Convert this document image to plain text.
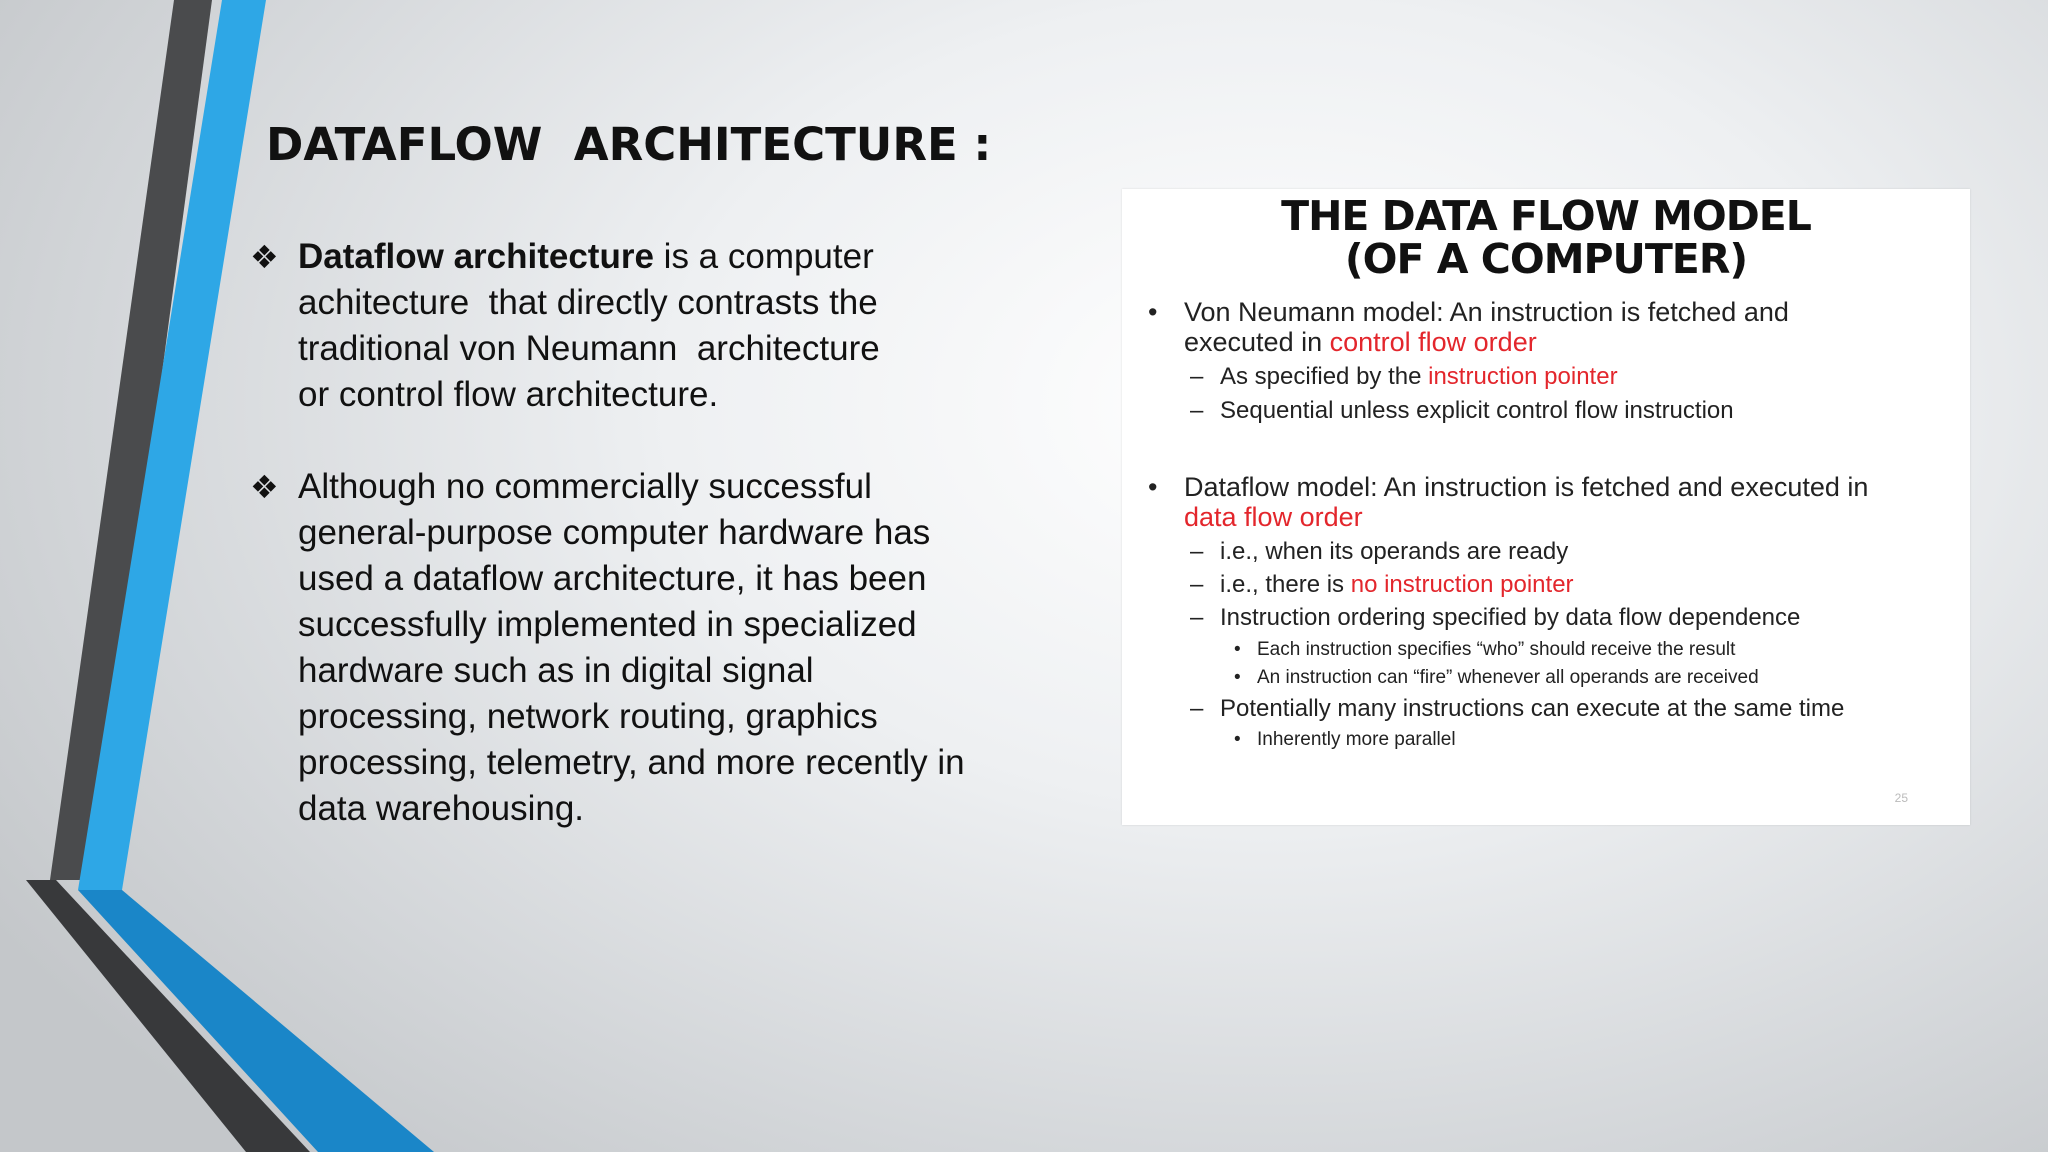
DATAFLOW  ARCHITECTURE :
❖ Dataflow architecture is a computer
achitecture  that directly contrasts the
traditional von Neumann  architecture
or control flow architecture.
❖ Although no commercially successful
general-purpose computer hardware has
used a dataflow architecture, it has been
successfully implemented in specialized
hardware such as in digital signal
processing, network routing, graphics
processing, telemetry, and more recently in
data warehousing.
THE DATA FLOW MODEL
(OF A COMPUTER)
• Von Neumann model: An instruction is fetched and
executed in control flow order
– As specified by the instruction pointer
– Sequential unless explicit control flow instruction
• Dataflow model: An instruction is fetched and executed in
data flow order
– i.e., when its operands are ready
– i.e., there is no instruction pointer
– Instruction ordering specified by data flow dependence
• Each instruction specifies “who” should receive the result
• An instruction can “fire” whenever all operands are received
– Potentially many instructions can execute at the same time
• Inherently more parallel
25
